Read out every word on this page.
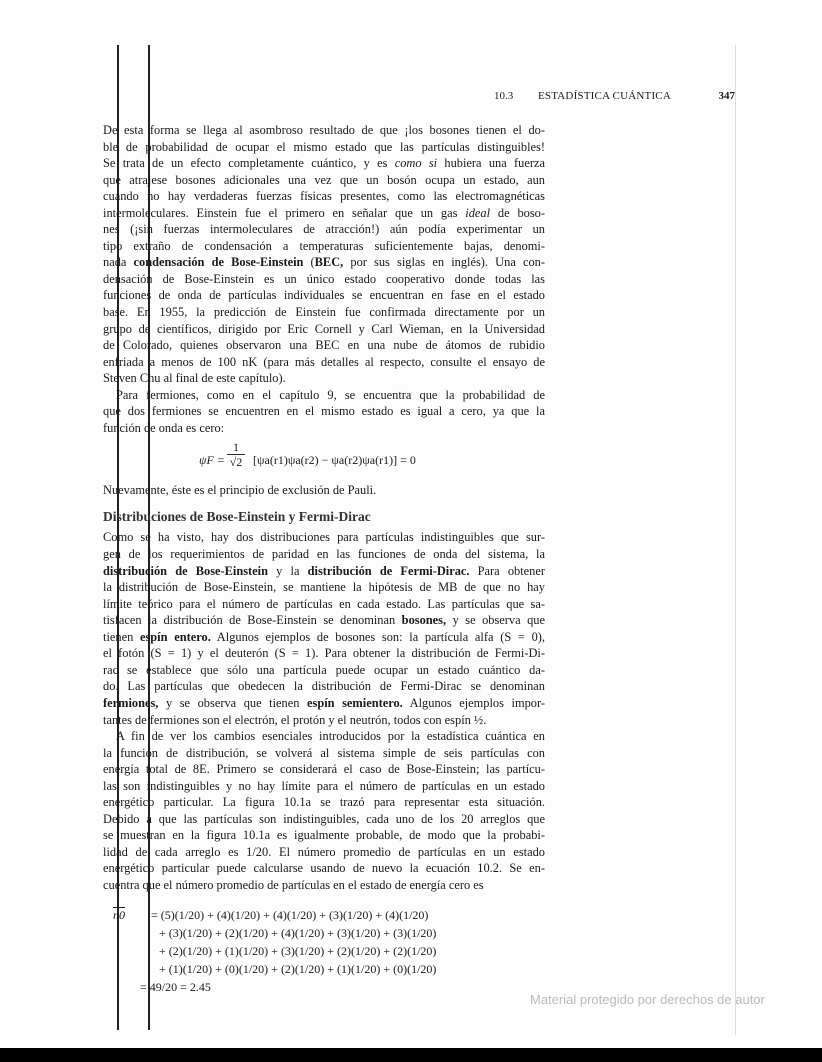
10.3 ESTADÍSTICA CUÁNTICA	347
De esta forma se llega al asombroso resultado de que ¡los bosones tienen el do-
ble de probabilidad de ocupar el mismo estado que las partículas distinguibles!
Se trata de un efecto completamente cuántico, y es como si hubiera una fuerza
que atrajese bosones adicionales una vez que un bosón ocupa un estado, aun
cuando no hay verdaderas fuerzas físicas presentes, como las electromagnéticas
intermoleculares. Einstein fue el primero en señalar que un gas ideal de boso-
nes (¡sin fuerzas intermoleculares de atracción!) aún podía experimentar un
tipo extraño de condensación a temperaturas suficientemente bajas, denomi-
nada condensación de Bose-Einstein (BEC, por sus siglas en inglés). Una con-
densación de Bose-Einstein es un único estado cooperativo donde todas las
funciones de onda de partículas individuales se encuentran en fase en el estado
base. En 1955, la predicción de Einstein fue confirmada directamente por un
grupo de científicos, dirigido por Eric Cornell y Carl Wieman, en la Universidad
de Colorado, quienes observaron una BEC en una nube de átomos de rubidio
enfriada a menos de 100 nK (para más detalles al respecto, consulte el ensayo de
Steven Chu al final de este capítulo).
Para fermiones, como en el capítulo 9, se encuentra que la probabilidad de
que dos fermiones se encuentren en el mismo estado es igual a cero, ya que la
función de onda es cero:
$\psi F = \frac{1}{√2} [\psi a(r1)\psi a(r2) - \psi a(r2)\psi a(r1)] = 0$
Nuevamente, éste es el principio de exclusión de Pauli.
Distribuciones de Bose-Einstein y Fermi-Dirac
Como se ha visto, hay dos distribuciones para partículas indistinguibles que sur-
gen de los requerimientos de paridad en las funciones de onda del sistema, la
distribución de Bose-Einstein y la distribución de Fermi-Dirac. Para obtener
la distribución de Bose-Einstein, se mantiene la hipótesis de MB de que no hay
límite teórico para el número de partículas en cada estado. Las partículas que sa-
tisfacen la distribución de Bose-Einstein se denominan bosones, y se observa que
tienen espín entero. Algunos ejemplos de bosones son: la partícula alfa (S = 0),
el fotón (S = 1) y el deuterón (S = 1). Para obtener la distribución de Fermi-Di-
rac se establece que sólo una partícula puede ocupar un estado cuántico da-
do. Las partículas que obedecen la distribución de Fermi-Dirac se denominan
fermiones, y se observa que tienen espín semientero. Algunos ejemplos impor-
tantes de fermiones son el electrón, el protón y el neutrón, todos con espín ½.
A fin de ver los cambios esenciales introducidos por la estadística cuántica en
la función de distribución, se volverá al sistema simple de seis partículas con
energía total de 8E. Primero se considerará el caso de Bose-Einstein; las partícu-
las son indistinguibles y no hay límite para el número de partículas en un estado
energético particular. La figura 10.1a se trazó para representar esta situación.
Debido a que las partículas son indistinguibles, cada uno de los 20 arreglos que
se muestran en la figura 10.1a es igualmente probable, de modo que la probabi-
lidad de cada arreglo es 1/20. El número promedio de partículas en un estado
energético particular puede calcularse usando de nuevo la ecuación 10.2. Se en-
cuentra que el número promedio de partículas en el estado de energía cero es
n0	= (5)(1/20) + (4)(1/20) + (4)(1/20) + (3)(1/20) + (4)(1/20)
+ (3)(1/20) + (2)(1/20) + (4)(1/20) + (3)(1/20) + (3)(1/20)
+ (2)(1/20) + (1)(1/20) + (3)(1/20) + (2)(1/20) + (2)(1/20)
+ (1)(1/20) + (0)(1/20) + (2)(1/20) + (1)(1/20) + (0)(1/20)
= 49/20 = 2.45
Material protegido por derechos de autor
